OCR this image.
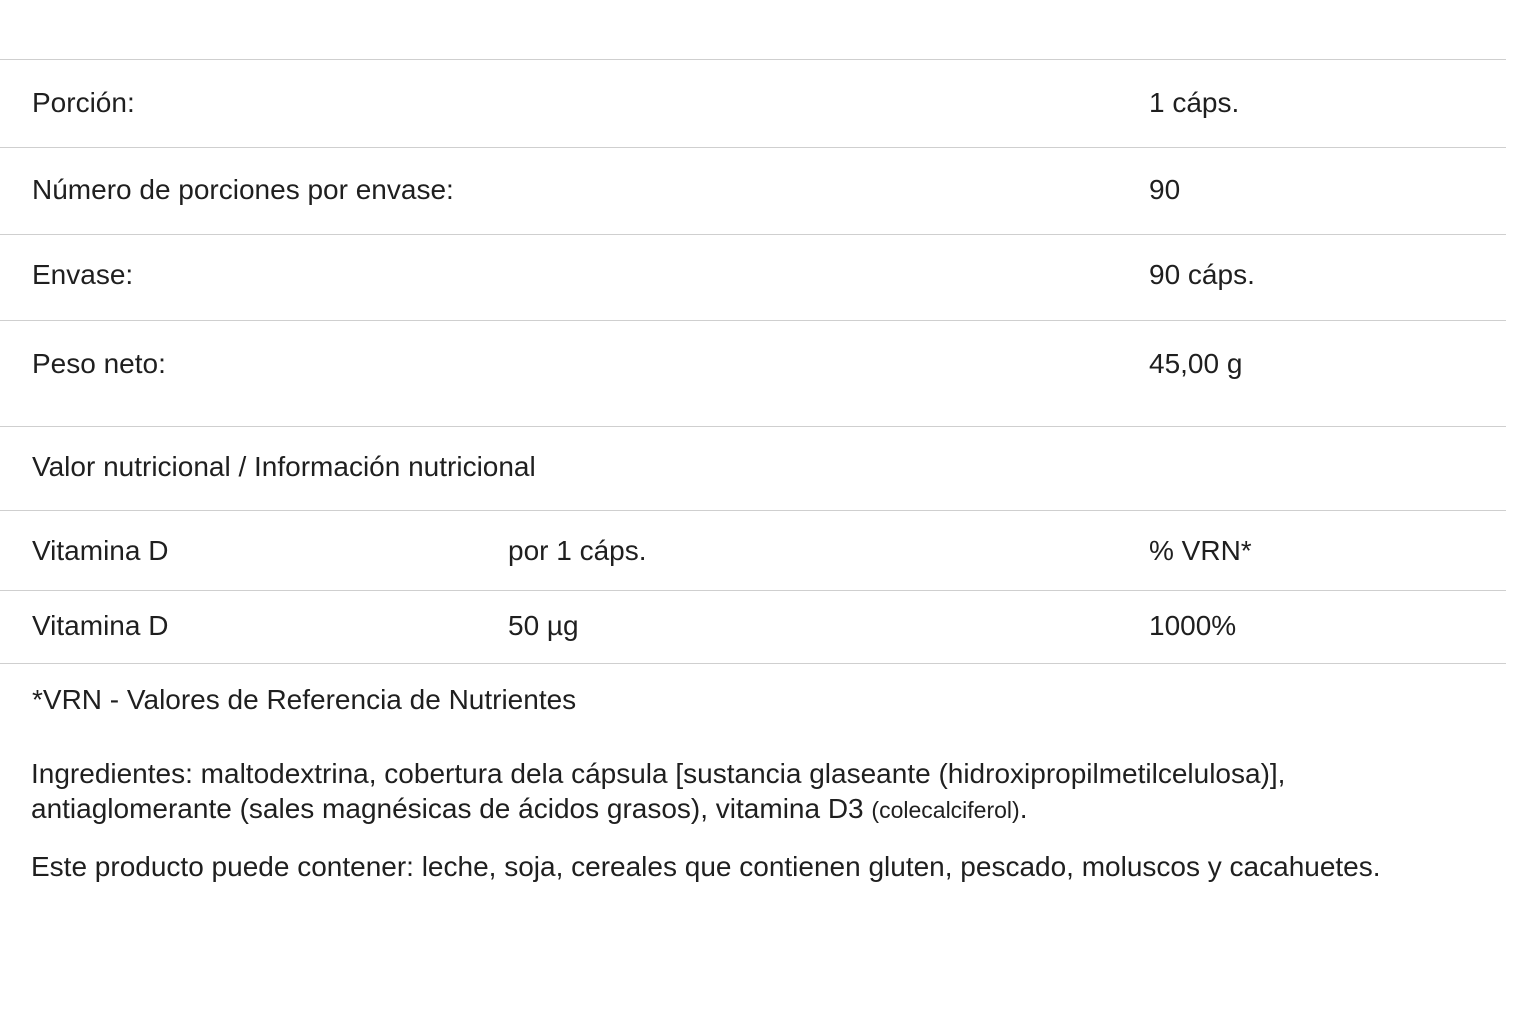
Porción:	1 cáps.
Número de porciones por envase:	90
Envase:	90 cáps.
Peso neto:	45,00 g
Valor nutricional / Información nutricional
Vitamina D	por 1 cáps.	% VRN*
Vitamina D	50 µg	1000%
*VRN - Valores de Referencia de Nutrientes
Ingredientes: maltodextrina, cobertura dela cápsula [sustancia glaseante (hidroxipropilmetilcelulosa)], antiaglomerante (sales magnésicas de ácidos grasos), vitamina D3 (colecalciferol).
Este producto puede contener: leche, soja, cereales que contienen gluten, pescado, moluscos y cacahuetes.
